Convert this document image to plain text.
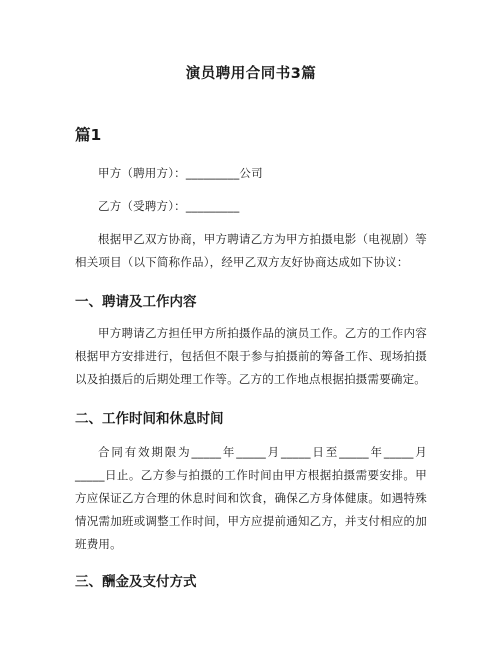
演员聘用合同书3篇
篇1

甲方（聘用方）：_________公司

乙方（受聘方）：_________

根据甲乙双方协商，甲方聘请乙方为甲方拍摄电影（电视剧）等相关项目（以下简称作品），经甲乙双方友好协商达成如下协议：

一、聘请及工作内容

甲方聘请乙方担任甲方所拍摄作品的演员工作。乙方的工作内容根据甲方安排进行，包括但不限于参与拍摄前的筹备工作、现场拍摄以及拍摄后的后期处理工作等。乙方的工作地点根据拍摄需要确定。

二、工作时间和休息时间

合同有效期限为_____年_____月_____日至_____年_____月_____日止。乙方参与拍摄的工作时间由甲方根据拍摄需要安排。甲方应保证乙方合理的休息时间和饮食，确保乙方身体健康。如遇特殊情况需加班或调整工作时间，甲方应提前通知乙方，并支付相应的加班费用。

三、酬金及支付方式
